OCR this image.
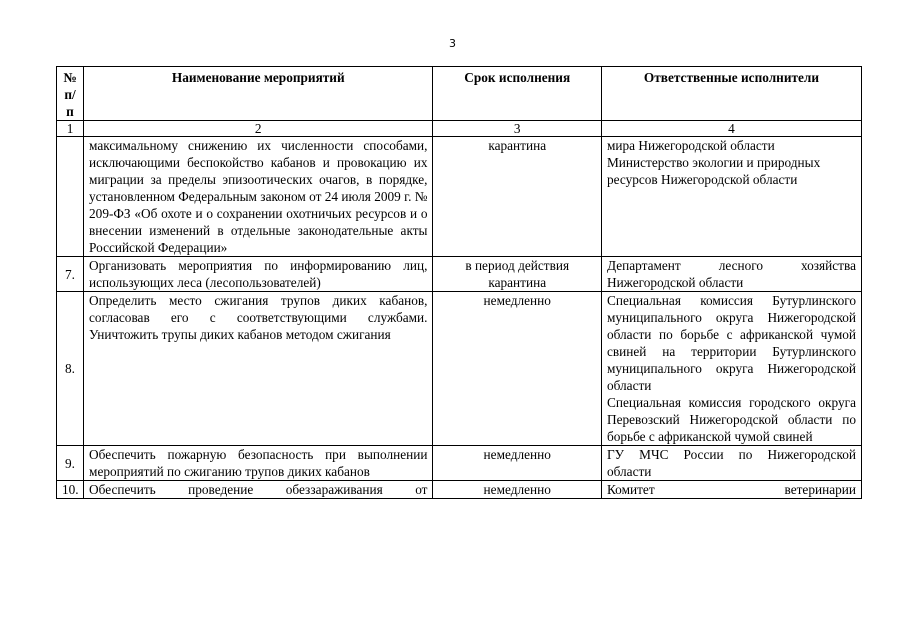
3
№ п/п	Наименование мероприятий	Срок исполнения	Ответственные исполнители
1	2	3	4
	максимальному снижению их численности способами, исключающими беспокойство кабанов и провокацию их миграции за пределы эпизоотических очагов, в порядке, установленном Федеральным законом от 24 июля 2009 г. № 209-ФЗ «Об охоте и о сохранении охотничьих ресурсов и о внесении изменений в отдельные законодательные акты Российской Федерации»	карантина	мира Нижегородской области
Министерство экологии и природных ресурсов Нижегородской области

7.	Организовать мероприятия по информированию лиц, использующих леса (лесопользователей)	в период действия карантина	Департамент лесного хозяйства Нижегородской области
8.	Определить место сжигания трупов диких кабанов, согласовав его с соответствующими службами. Уничтожить трупы диких кабанов методом сжигания	немедленно	Специальная комиссия Бутурлинского муниципального округа Нижегородской области по борьбе с африканской чумой свиней на территории Бутурлинского муниципального округа Нижегородской области
Специальная комиссия городского округа Перевозский Нижегородской области по борьбе с африканской чумой свиней

9.	Обеспечить пожарную безопасность при выполнении мероприятий по сжиганию трупов диких кабанов	немедленно	ГУ МЧС России по Нижегородской области
10.	Обеспечить проведение обеззараживания от	немедленно	Комитет ветеринарии
